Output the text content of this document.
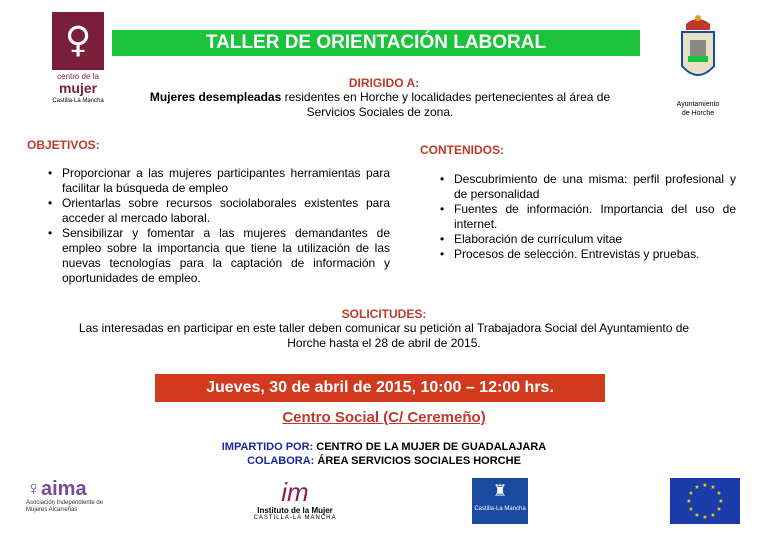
♀
centro de la
mujer
Castilla-La Mancha
TALLER DE ORIENTACIÓN LABORAL
Ayuntamiento
de Horche
DIRIGIDO A:
Mujeres desempleadas residentes en Horche y localidades pertenecientes al área de Servicios Sociales de zona.
OBJETIVOS:
• Proporcionar a las mujeres participantes herramientas para facilitar la búsqueda de empleo
• Orientarlas sobre recursos sociolaborales existentes para acceder al mercado laboral.
• Sensibilizar y fomentar a las mujeres demandantes de empleo sobre la importancia que tiene la utilización de las nuevas tecnologías para la captación de información y oportunidades de empleo.
CONTENIDOS:
• Descubrimiento de una misma: perfil profesional y de personalidad
• Fuentes de información. Importancia del uso de internet.
• Elaboración de currículum vitae
• Procesos de selección. Entrevistas y pruebas.
SOLICITUDES:
Las interesadas en participar en este taller deben comunicar su petición al Trabajadora Social del Ayuntamiento de Horche hasta el 28 de abril de 2015.
Jueves, 30 de abril de 2015, 10:00 – 12:00 hrs.
Centro Social (C/ Ceremeño)
IMPARTIDO POR: CENTRO DE LA MUJER DE GUADALAJARA
COLABORA: ÁREA SERVICIOS SOCIALES HORCHE
♀aima
Asociación Independiente de Mujeres Alcarreñas
im
Instituto de la Mujer
CASTILLA-LA MANCHA
♜
Castilla-La Mancha
★ ★
★
★
★
★
★
★
★
★
★
★
